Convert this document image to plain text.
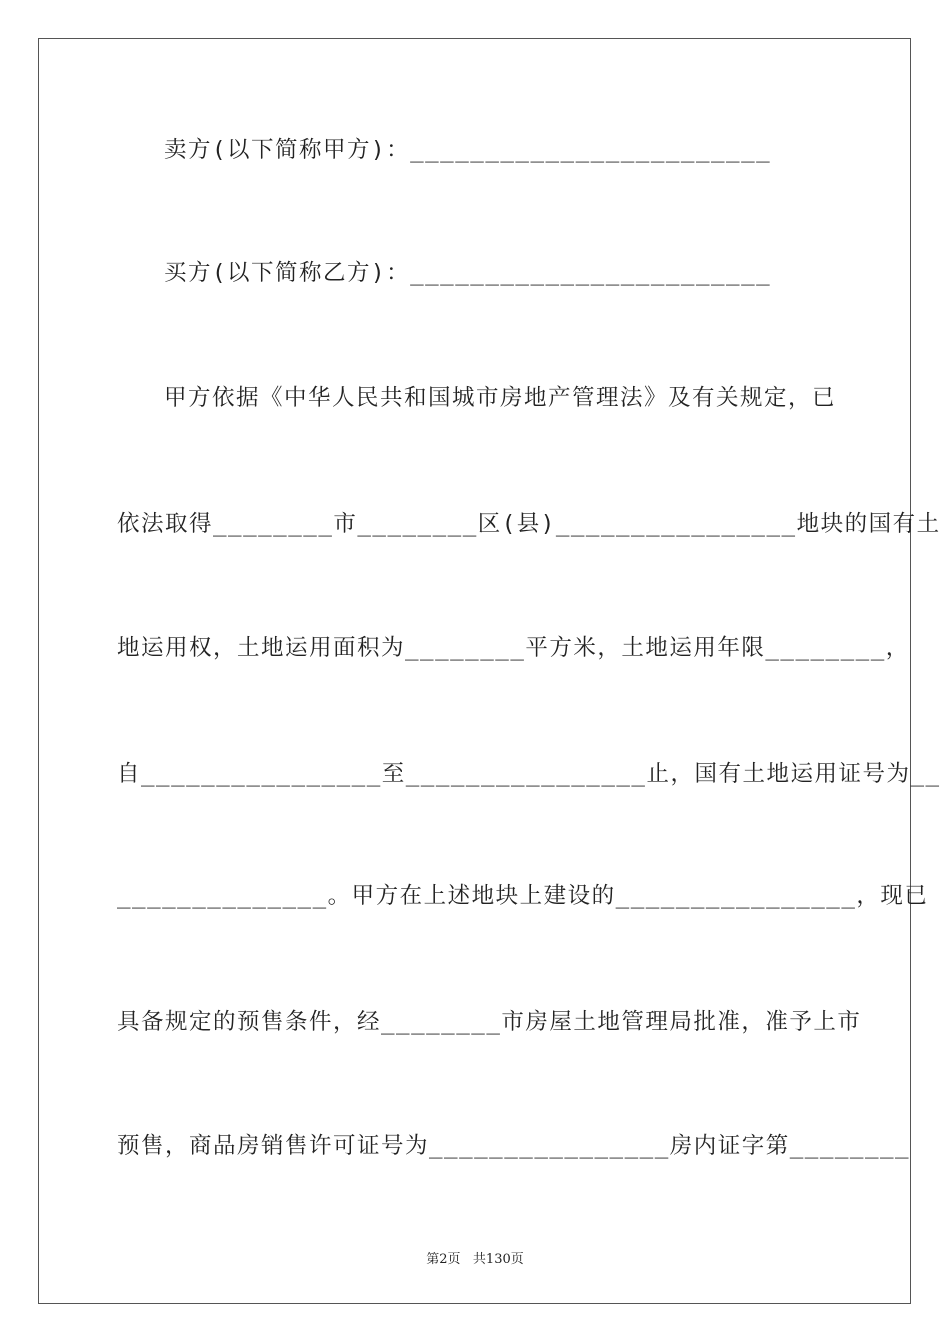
卖方(以下简称甲方)：________________________
买方(以下简称乙方)：________________________
甲方依据《中华人民共和国城市房地产管理法》及有关规定，已
依法取得________市________区(县)________________地块的国有土
地运用权，土地运用面积为________平方米，土地运用年限________，
自________________至________________止，国有土地运用证号为__
______________。甲方在上述地块上建设的________________，现已
具备规定的预售条件，经________市房屋土地管理局批准，准予上市
预售，商品房销售许可证号为________________房内证字第________
第2页   共130页
